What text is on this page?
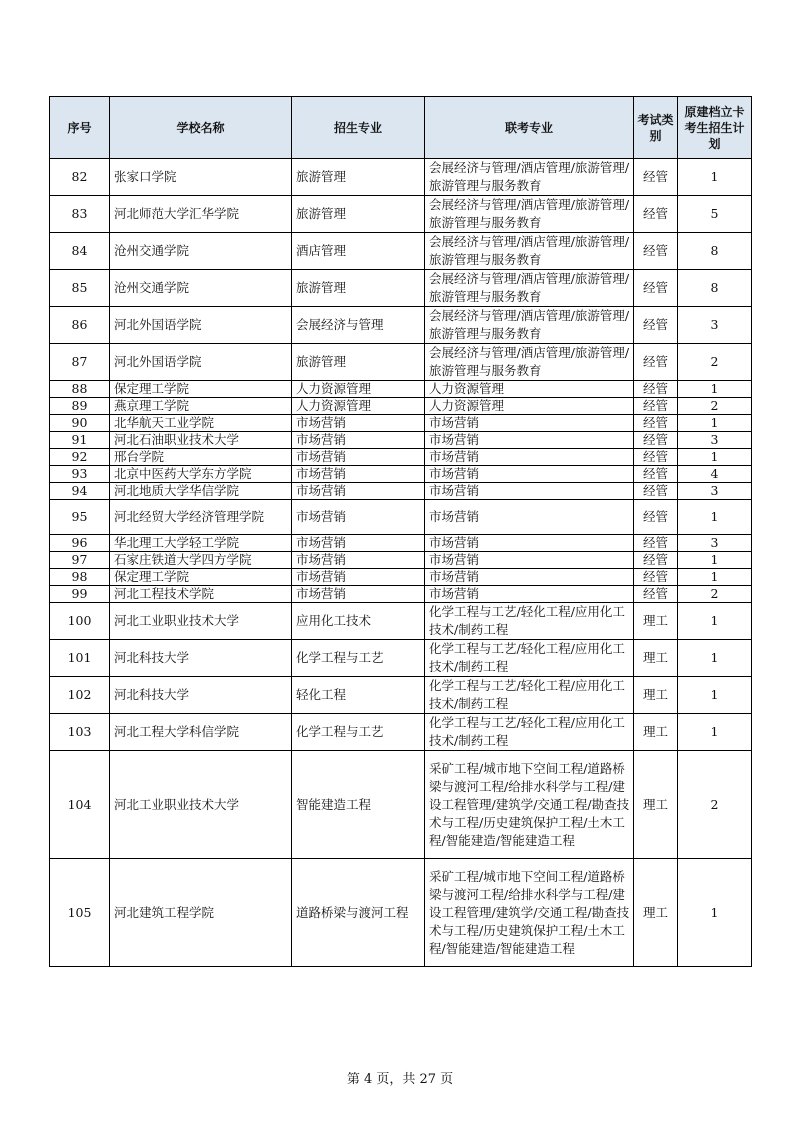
序号	学校名称	招生专业	联考专业	考试类别	原建档立卡考生招生计划
82	张家口学院	旅游管理	会展经济与管理/酒店管理/旅游管理/旅游管理与服务教育	经管	1
83	河北师范大学汇华学院	旅游管理	会展经济与管理/酒店管理/旅游管理/旅游管理与服务教育	经管	5
84	沧州交通学院	酒店管理	会展经济与管理/酒店管理/旅游管理/旅游管理与服务教育	经管	8
85	沧州交通学院	旅游管理	会展经济与管理/酒店管理/旅游管理/旅游管理与服务教育	经管	8
86	河北外国语学院	会展经济与管理	会展经济与管理/酒店管理/旅游管理/旅游管理与服务教育	经管	3
87	河北外国语学院	旅游管理	会展经济与管理/酒店管理/旅游管理/旅游管理与服务教育	经管	2
88	保定理工学院	人力资源管理	人力资源管理	经管	1
89	燕京理工学院	人力资源管理	人力资源管理	经管	2
90	北华航天工业学院	市场营销	市场营销	经管	1
91	河北石油职业技术大学	市场营销	市场营销	经管	3
92	邢台学院	市场营销	市场营销	经管	1
93	北京中医药大学东方学院	市场营销	市场营销	经管	4
94	河北地质大学华信学院	市场营销	市场营销	经管	3
95	河北经贸大学经济管理学院	市场营销	市场营销	经管	1
96	华北理工大学轻工学院	市场营销	市场营销	经管	3
97	石家庄铁道大学四方学院	市场营销	市场营销	经管	1
98	保定理工学院	市场营销	市场营销	经管	1
99	河北工程技术学院	市场营销	市场营销	经管	2
100	河北工业职业技术大学	应用化工技术	化学工程与工艺/轻化工程/应用化工技术/制药工程	理工	1
101	河北科技大学	化学工程与工艺	化学工程与工艺/轻化工程/应用化工技术/制药工程	理工	1
102	河北科技大学	轻化工程	化学工程与工艺/轻化工程/应用化工技术/制药工程	理工	1
103	河北工程大学科信学院	化学工程与工艺	化学工程与工艺/轻化工程/应用化工技术/制药工程	理工	1
104	河北工业职业技术大学	智能建造工程	采矿工程/城市地下空间工程/道路桥梁与渡河工程/给排水科学与工程/建设工程管理/建筑学/交通工程/勘查技术与工程/历史建筑保护工程/土木工程/智能建造/智能建造工程	理工	2
105	河北建筑工程学院	道路桥梁与渡河工程	采矿工程/城市地下空间工程/道路桥梁与渡河工程/给排水科学与工程/建设工程管理/建筑学/交通工程/勘查技术与工程/历史建筑保护工程/土木工程/智能建造/智能建造工程	理工	1
第 4 页，共 27 页
